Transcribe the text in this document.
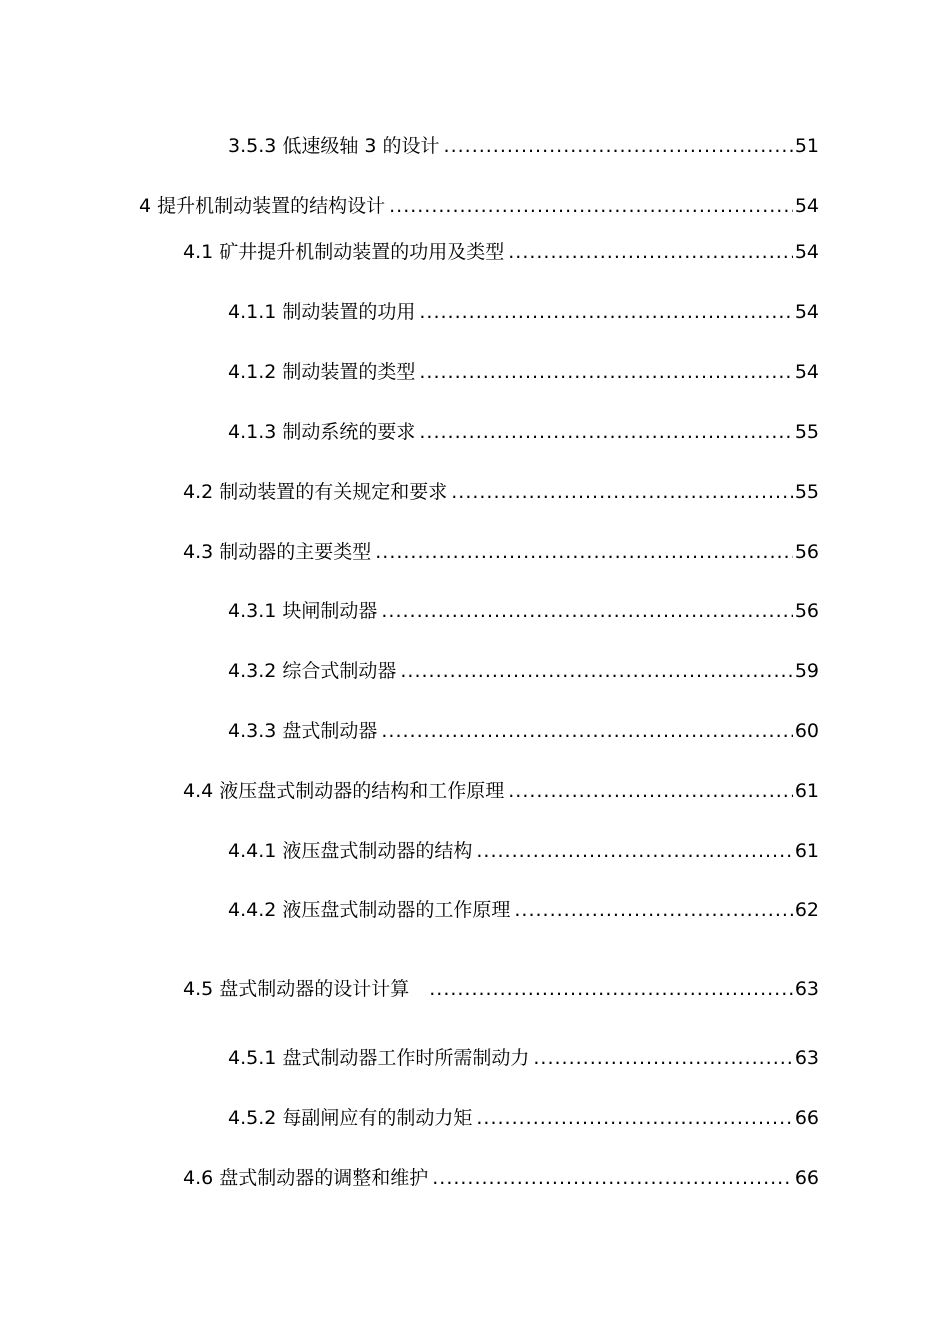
3.5.3 低速级轴 3 的设计 .....	51
4 提升机制动装置的结构设计 .....	54
4.1 矿井提升机制动装置的功用及类型 .....	54
4.1.1 制动装置的功用 .....	54
4.1.2 制动装置的类型 .....	54
4.1.3 制动系统的要求 .....	55
4.2 制动装置的有关规定和要求 .....	55
4.3 制动器的主要类型 .....	56
4.3.1 块闸制动器 .....	56
4.3.2 综合式制动器 .....	59
4.3.3 盘式制动器 .....	60
4.4 液压盘式制动器的结构和工作原理 .....	61
4.4.1 液压盘式制动器的结构 .....	61
4.4.2 液压盘式制动器的工作原理 .....	62
4.5 盘式制动器的设计计算 .....	63
4.5.1 盘式制动器工作时所需制动力 .....	63
4.5.2 每副闸应有的制动力矩 .....	66
4.6 盘式制动器的调整和维护 .....	66
